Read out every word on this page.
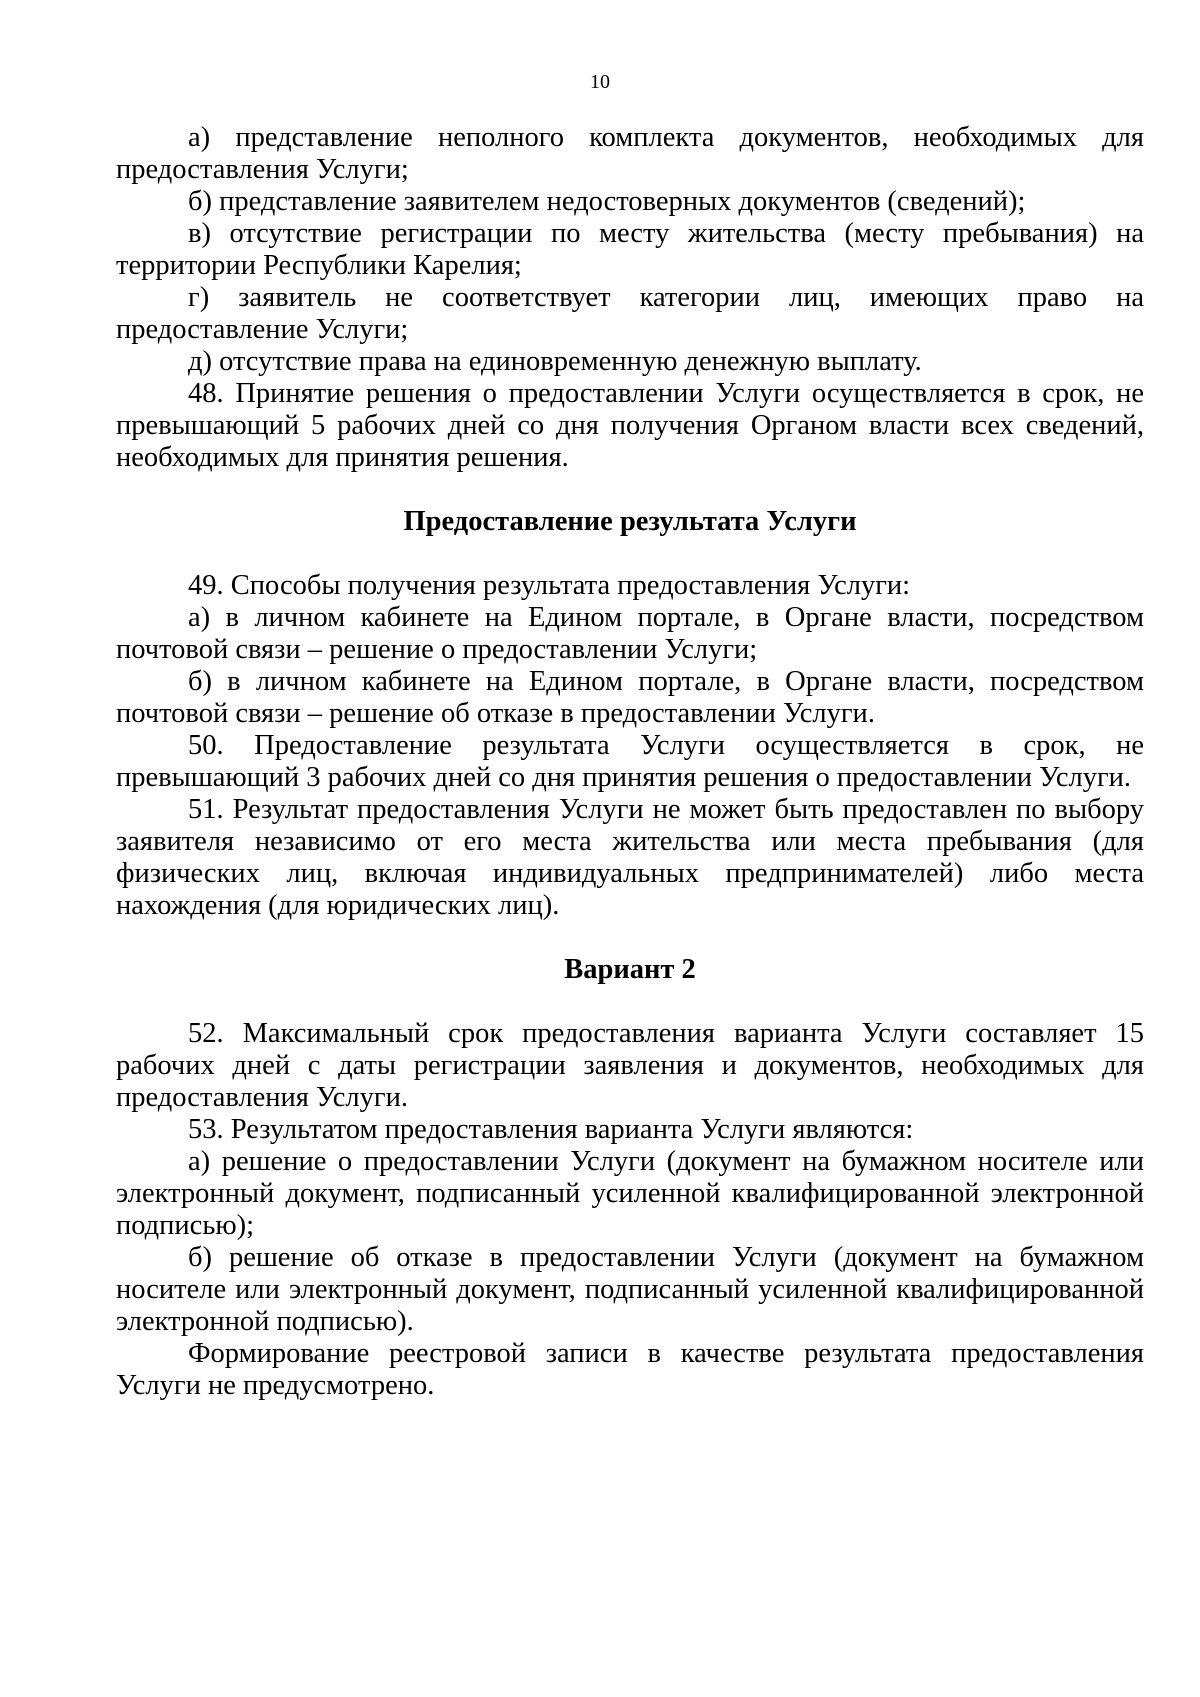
10

а) представление неполного комплекта документов, необходимых для предоставления Услуги;

б) представление заявителем недостоверных документов (сведений);

в) отсутствие регистрации по месту жительства (месту пребывания) на территории Республики Карелия;

г) заявитель не соответствует категории лиц, имеющих право на предоставление Услуги;

д) отсутствие права на единовременную денежную выплату.

48. Принятие решения о предоставлении Услуги осуществляется в срок, не превышающий 5 рабочих дней со дня получения Органом власти всех сведений, необходимых для принятия решения.

Предоставление результата Услуги

49. Способы получения результата предоставления Услуги:

а) в личном кабинете на Едином портале, в Органе власти, посредством почтовой связи – решение о предоставлении Услуги;

б) в личном кабинете на Едином портале, в Органе власти, посредством почтовой связи – решение об отказе в предоставлении Услуги.

50. Предоставление результата Услуги осуществляется в срок, не превышающий 3 рабочих дней со дня принятия решения о предоставлении Услуги.

51. Результат предоставления Услуги не может быть предоставлен по выбору заявителя независимо от его места жительства или места пребывания (для физических лиц, включая индивидуальных предпринимателей) либо места нахождения (для юридических лиц).

Вариант 2

52. Максимальный срок предоставления варианта Услуги составляет 15 рабочих дней с даты регистрации заявления и документов, необходимых для предоставления Услуги.

53. Результатом предоставления варианта Услуги являются:

а) решение о предоставлении Услуги (документ на бумажном носителе или электронный документ, подписанный усиленной квалифицированной электронной подписью);

б) решение об отказе в предоставлении Услуги (документ на бумажном носителе или электронный документ, подписанный усиленной квалифицированной электронной подписью).

Формирование реестровой записи в качестве результата предоставления Услуги не предусмотрено.
